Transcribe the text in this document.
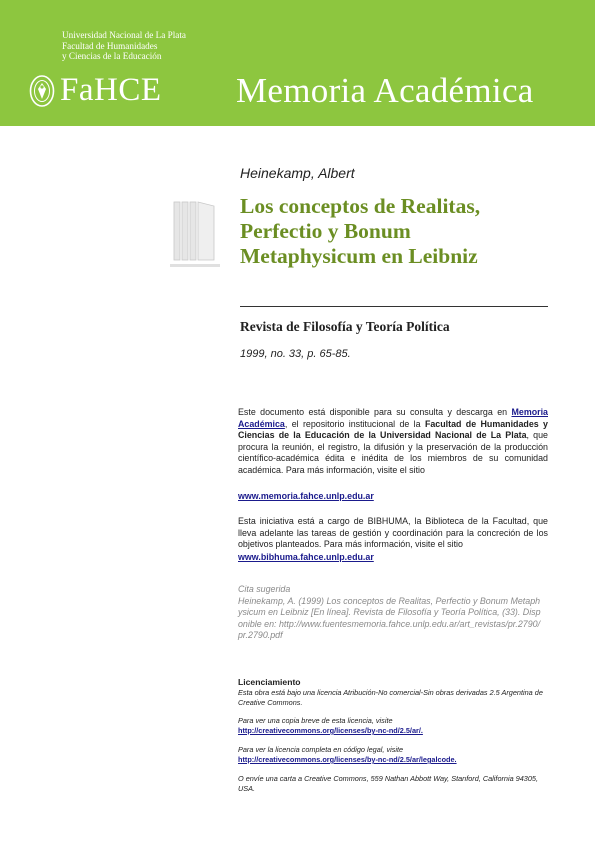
Universidad Nacional de La Plata
Facultad de Humanidades
y Ciencias de la Educación
FaHCE Memoria Académica
Heinekamp, Albert
Los conceptos de Realitas,
Perfectio y Bonum
Metaphysicum en Leibniz
Revista de Filosofía y Teoría Política
1999, no. 33, p. 65-85.
Este documento está disponible para su consulta y descarga en Memoria Académica, el repositorio institucional de la Facultad de Humanidades y Ciencias de la Educación de la Universidad Nacional de La Plata, que procura la reunión, el registro, la difusión y la preservación de la producción científico-académica édita e inédita de los miembros de su comunidad académica. Para más información, visite el sitio
www.memoria.fahce.unlp.edu.ar
Esta iniciativa está a cargo de BIBHUMA, la Biblioteca de la Facultad, que lleva adelante las tareas de gestión y coordinación para la concreción de los objetivos planteados. Para más información, visite el sitio
www.bibhuma.fahce.unlp.edu.ar
Cita sugerida
Heinekamp, A. (1999) Los conceptos de Realitas, Perfectio y Bonum Metaphysicum en Leibniz [En línea]. Revista de Filosofía y Teoría Política, (33). Disponible en: http://www.fuentesmemoria.fahce.unlp.edu.ar/art_revistas/pr.2790/pr.2790.pdf
Licenciamiento
Esta obra está bajo una licencia Atribución-No comercial-Sin obras derivadas 2.5 Argentina de Creative Commons.
Para ver una copia breve de esta licencia, visite
http://creativecommons.org/licenses/by-nc-nd/2.5/ar/.
Para ver la licencia completa en código legal, visite
http://creativecommons.org/licenses/by-nc-nd/2.5/ar/legalcode.
O envíe una carta a Creative Commons, 559 Nathan Abbott Way, Stanford, California 94305, USA.
